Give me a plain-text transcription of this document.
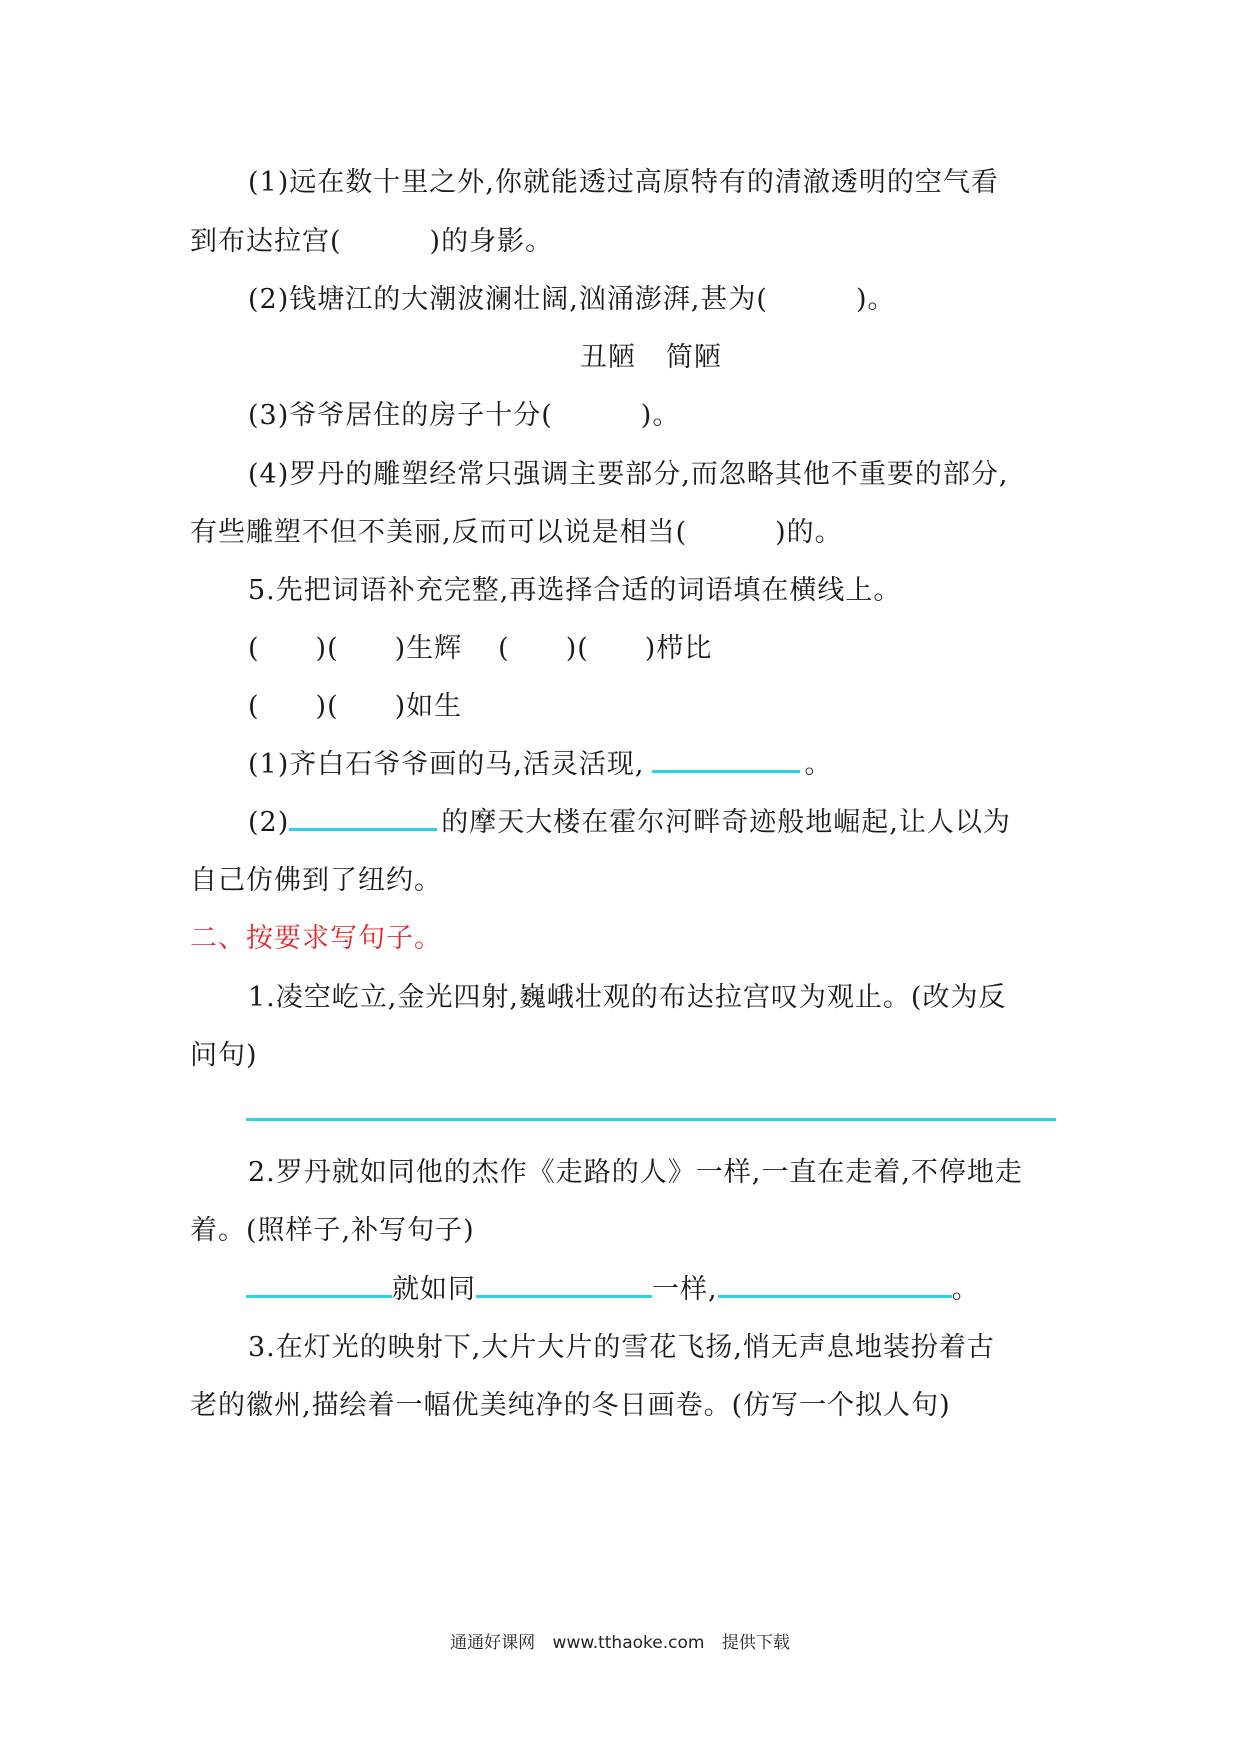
(1)远在数十里之外,你就能透过高原特有的清澈透明的空气看
到布达拉宫(	)的身影。
(2)钱塘江的大潮波澜壮阔,汹涌澎湃,甚为(	)。
丑陋 简陋
(3)爷爷居住的房子十分(	)。
(4)罗丹的雕塑经常只强调主要部分,而忽略其他不重要的部分,
有些雕塑不但不美丽,反而可以说是相当(	)的。
5.先把词语补充完整,再选择合适的词语填在横线上。
( )( )生辉 ( )( )栉比
( )( )如生
(1)齐白石爷爷画的马,活灵活现,	。
(2)	的摩天大楼在霍尔河畔奇迹般地崛起,让人以为
自己仿佛到了纽约。
二、按要求写句子。
1.凌空屹立,金光四射,巍峨壮观的布达拉宫叹为观止。(改为反
问句)
2.罗丹就如同他的杰作《走路的人》一样,一直在走着,不停地走
着。(照样子,补写句子)
就如同	一样,	。
3.在灯光的映射下,大片大片的雪花飞扬,悄无声息地装扮着古
老的徽州,描绘着一幅优美纯净的冬日画卷。(仿写一个拟人句)
通通好课网 www.tthaoke.com 提供下载
